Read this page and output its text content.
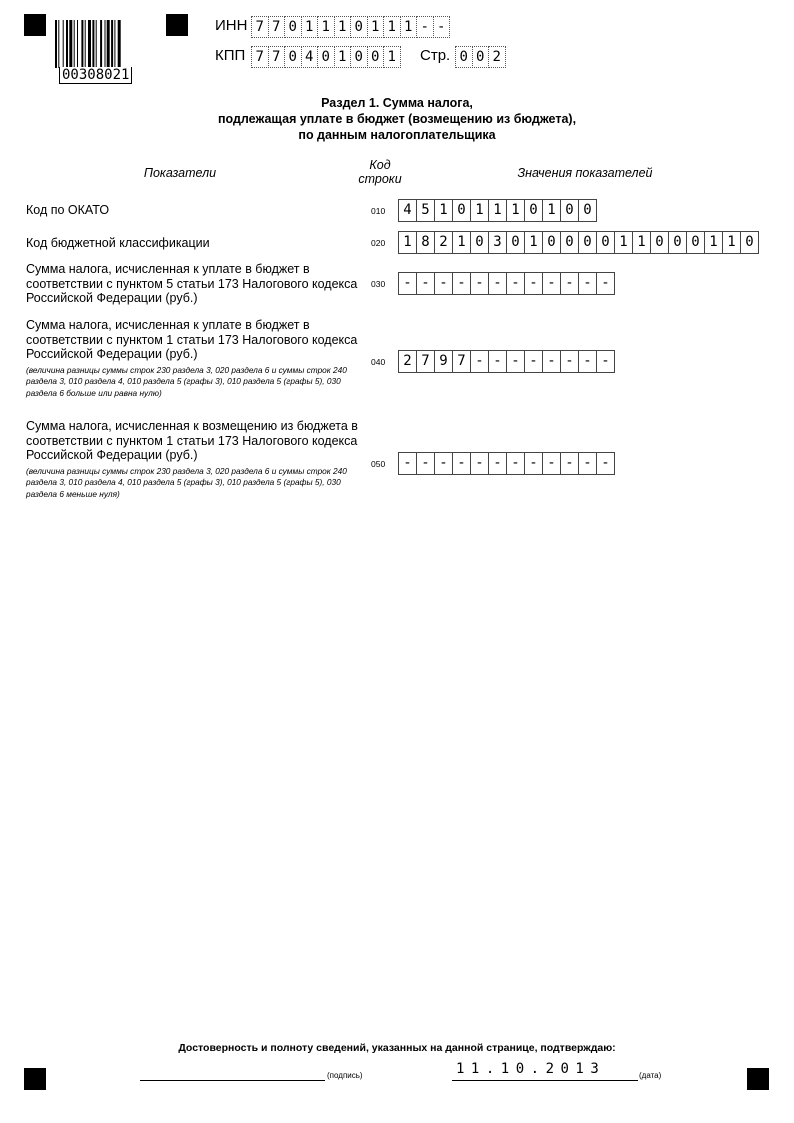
00308021
ИНН 7 7 0 1 1 1 0 1 1 1 - -
КПП 7 7 0 4 0 1 0 0 1	Стр. 0 0 2
Раздел 1. Сумма налога,
подлежащая уплате в бюджет (возмещению из бюджета),
по данным налогоплательщика
Показатели
Код
строки	Значения показателей
Код по ОКАТО	010	4 5 1 0 1 1 1 0 1 0 0
Код бюджетной классификации	020	1 8 2 1 0 3 0 1 0 0 0 0 1 1 0 0 0 1 1 0
Сумма налога, исчисленная к уплате в бюджет в соответствии с пунктом 5 статьи 173 Налогового кодекса Российской Федерации (руб.)
030	- - - - - - - - - - - -
Сумма налога, исчисленная к уплате в бюджет в соответствии с пунктом 1 статьи 173 Налогового кодекса Российской Федерации (руб.)
(величина разницы суммы строк 230 раздела 3, 020 раздела 6 и суммы строк 240 раздела 3, 010 раздела 4, 010 раздела 5 (графы 3), 010 раздела 5 (графы 5), 030 раздела 6 больше или равна нулю)
040	2 7 9 7 - - - - - - - -
Сумма налога, исчисленная к возмещению из бюджета в соответствии с пунктом 1 статьи 173 Налогового кодекса Российской Федерации (руб.)
(величина разницы суммы строк 230 раздела 3, 020 раздела 6 и суммы строк 240 раздела 3, 010 раздела 4, 010 раздела 5 (графы 3), 010 раздела 5 (графы 5), 030 раздела 6 меньше нуля)
050	- - - - - - - - - - - -
Достоверность и полноту сведений, указанных на данной странице, подтверждаю:
(подпись)	11.10.2013	(дата)
